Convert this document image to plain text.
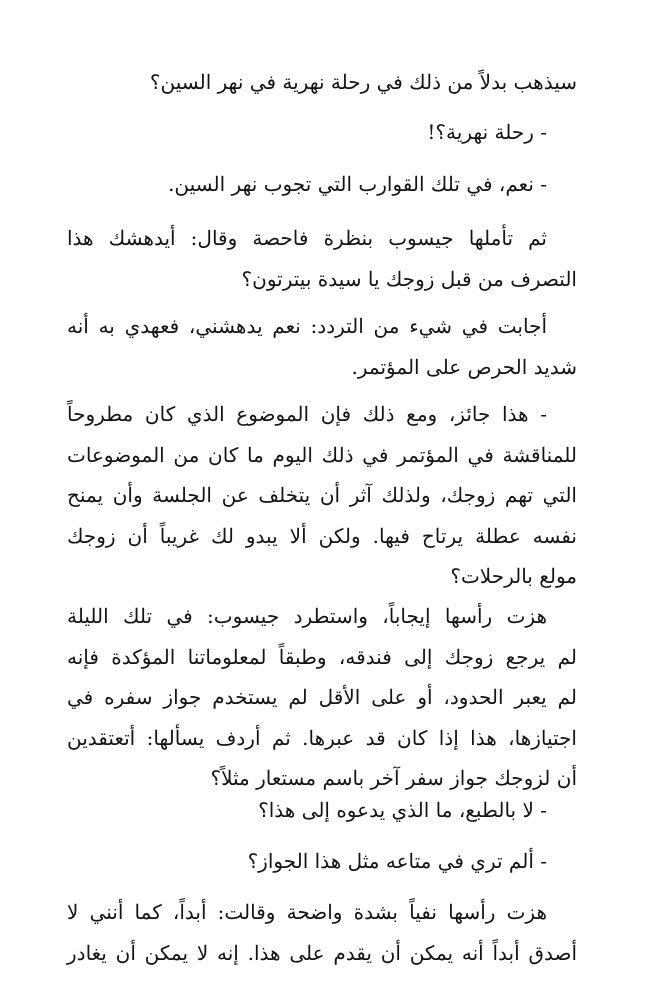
سيذهب بدلاً من ذلك في رحلة نهرية في نهر السين؟

- رحلة نهرية؟!

- نعم، في تلك القوارب التي تجوب نهر السين.

ثم تأملها جيسوب بنظرة فاحصة وقال: أيدهشك هذا
التصرف من قبل زوجك يا سيدة بيترتون؟

أجابت في شيء من التردد: نعم يدهشني، فعهدي به أنه
شديد الحرص على المؤتمر.

- هذا جائز، ومع ذلك فإن الموضوع الذي كان مطروحاً
للمناقشة في المؤتمر في ذلك اليوم ما كان من الموضوعات
التي تهم زوجك، ولذلك آثر أن يتخلف عن الجلسة وأن يمنح
نفسه عطلة يرتاح فيها. ولكن ألا يبدو لك غريباً أن زوجك
مولع بالرحلات؟

هزت رأسها إيجاباً، واستطرد جيسوب: في تلك الليلة
لم يرجع زوجك إلى فندقه، وطبقاً لمعلوماتنا المؤكدة فإنه
لم يعبر الحدود، أو على الأقل لم يستخدم جواز سفره في
اجتيازها، هذا إذا كان قد عبرها. ثم أردف يسألها: أتعتقدين
أن لزوجك جواز سفر آخر باسم مستعار مثلاً؟

- لا بالطبع، ما الذي يدعوه إلى هذا؟

- ألم تري في متاعه مثل هذا الجواز؟

هزت رأسها نفياً بشدة واضحة وقالت: أبداً، كما أنني لا
أصدق أبداً أنه يمكن أن يقدم على هذا. إنه لا يمكن أن يغادر
